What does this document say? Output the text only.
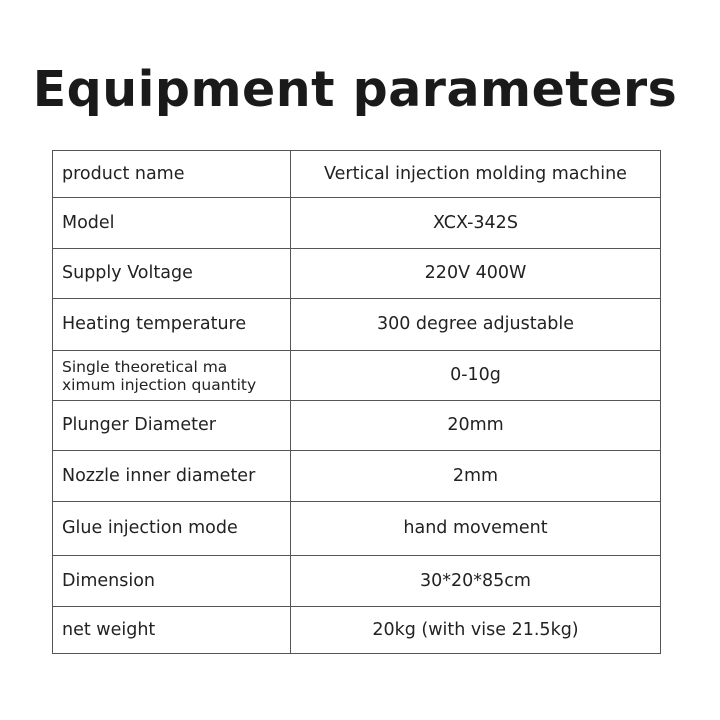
Equipment parameters
product name	Vertical injection molding machine
Model	XCX-342S
Supply Voltage	220V 400W
Heating temperature	300 degree adjustable
Single theoretical ma
ximum injection quantity	0-10g
Plunger Diameter	20mm
Nozzle inner diameter	2mm
Glue injection mode	hand movement
Dimension	30*20*85cm
net weight	20kg (with vise 21.5kg)
